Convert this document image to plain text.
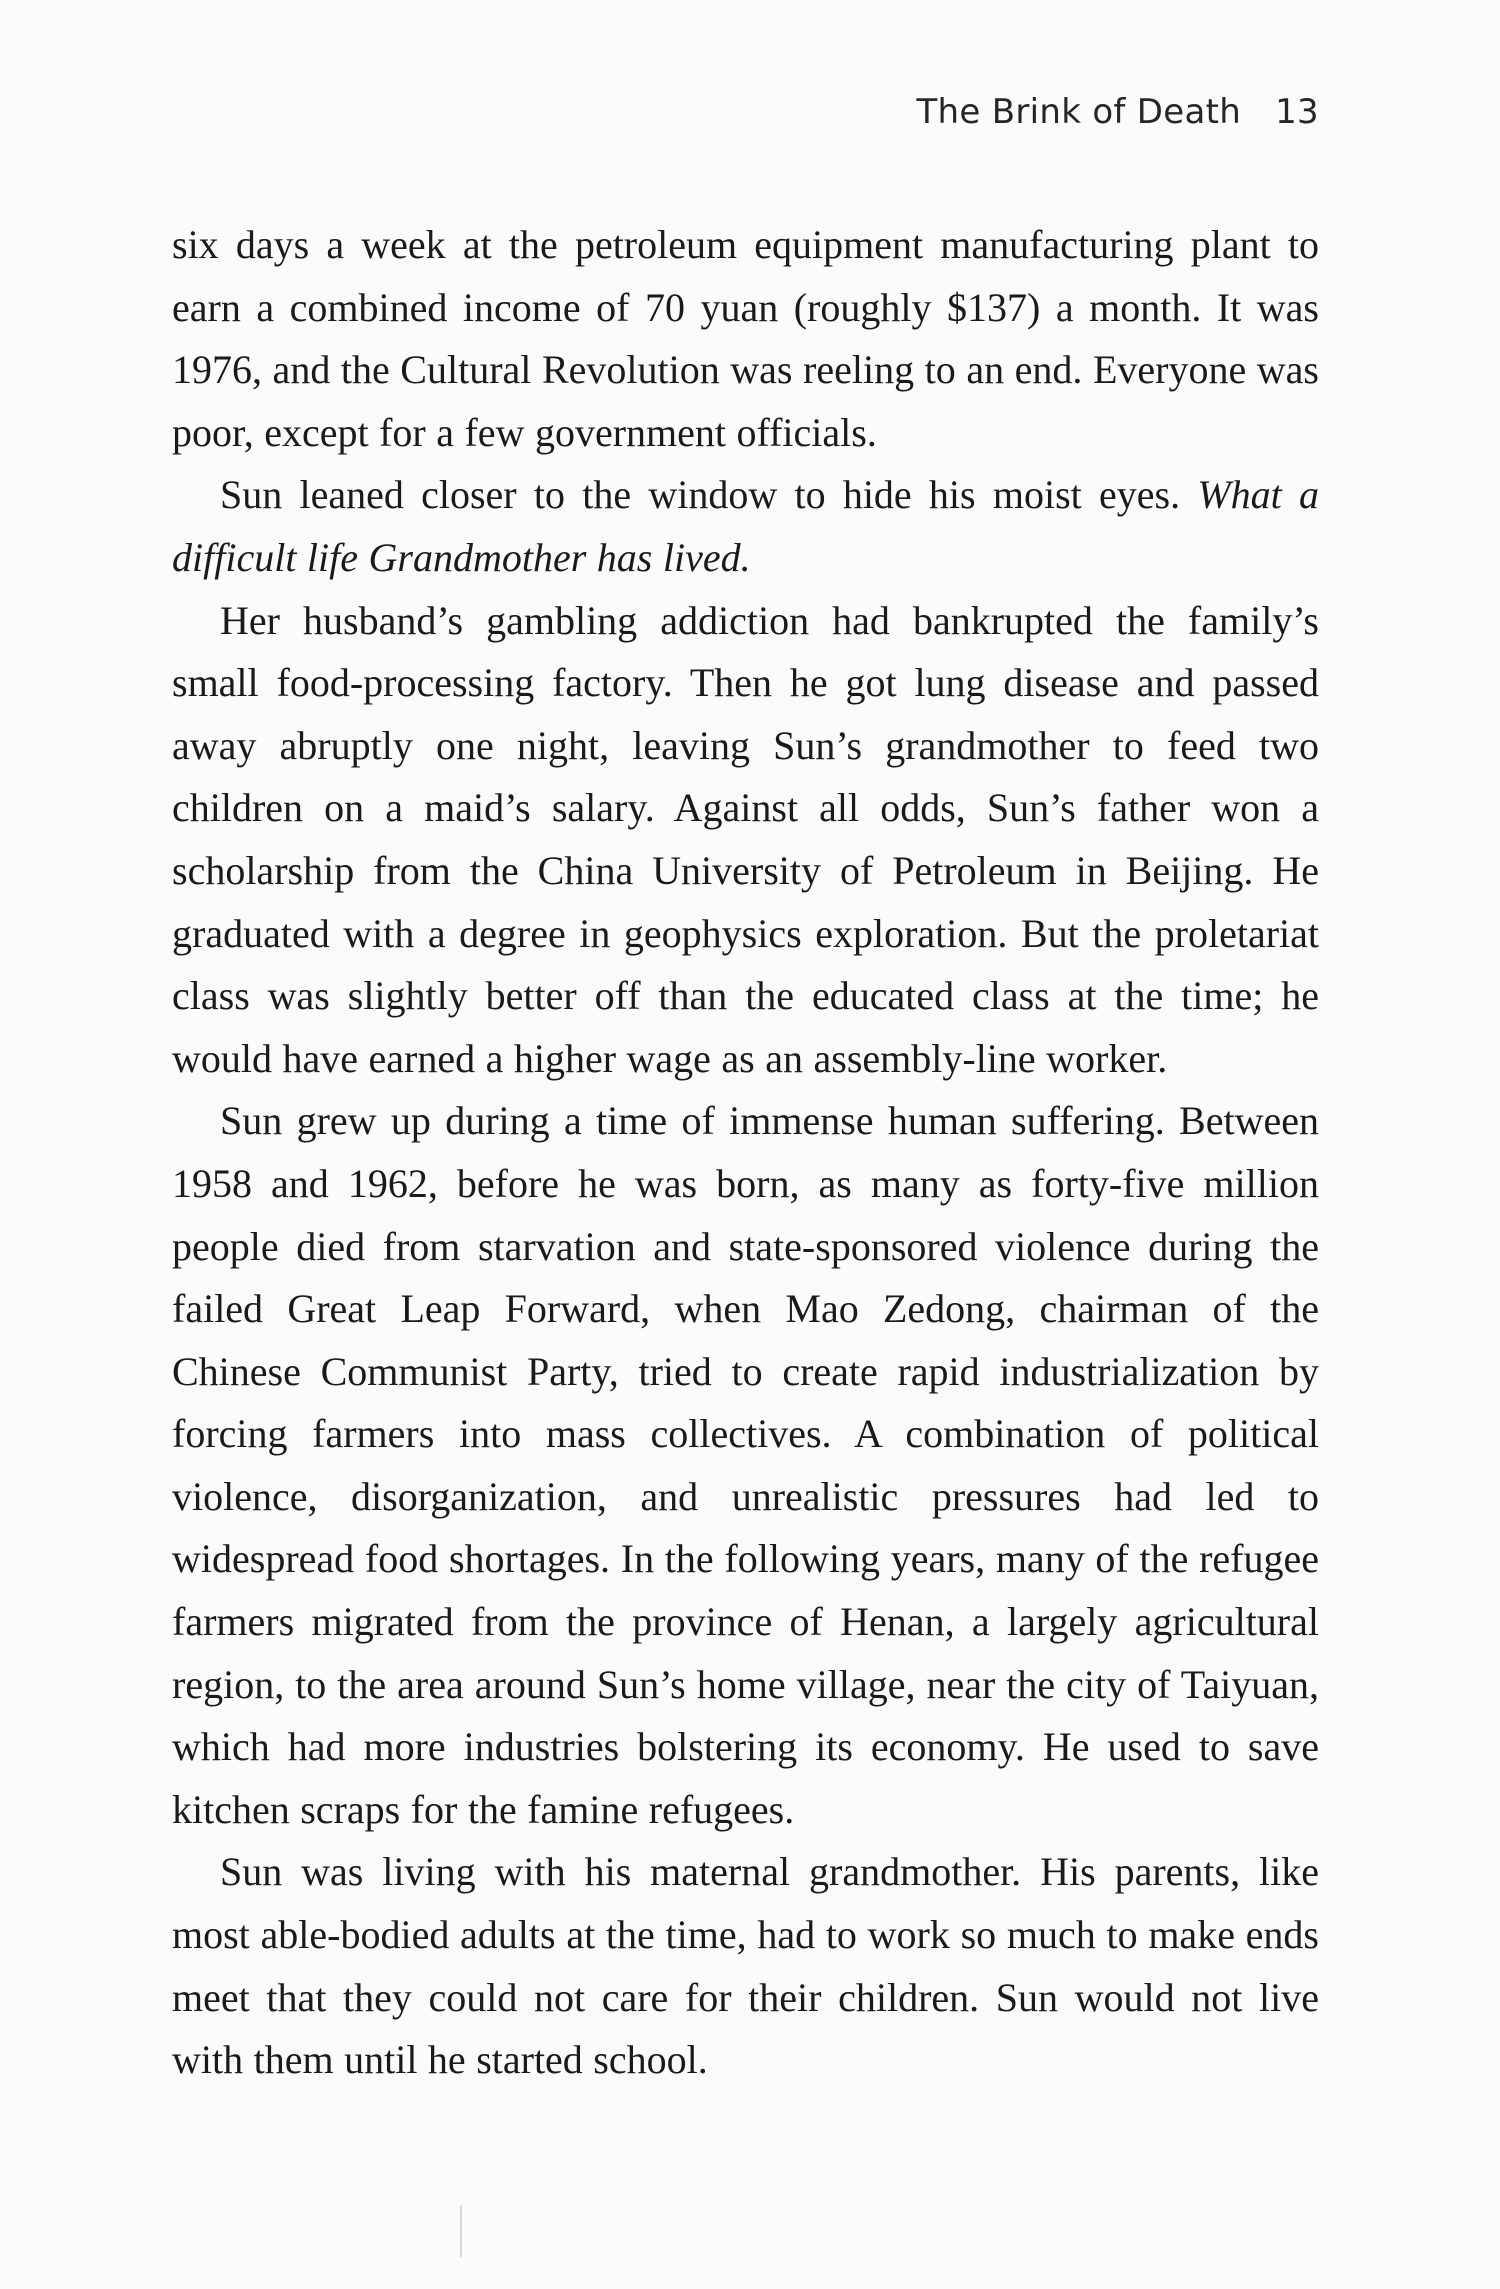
The Brink of Death 13

six days a week at the petroleum equipment manufacturing plant to earn a combined income of 70 yuan (roughly $137) a month. It was 1976, and the Cultural Revolution was reeling to an end. Everyone was poor, except for a few government officials.

Sun leaned closer to the window to hide his moist eyes. What a difficult life Grandmother has lived.

Her husband’s gambling addiction had bankrupted the family’s small food-processing factory. Then he got lung disease and passed away abruptly one night, leaving Sun’s grandmother to feed two children on a maid’s salary. Against all odds, Sun’s father won a scholarship from the China University of Petroleum in Beijing. He graduated with a degree in geophysics exploration. But the proletariat class was slightly better off than the educated class at the time; he would have earned a higher wage as an assembly-line worker.

Sun grew up during a time of immense human suffering. Between 1958 and 1962, before he was born, as many as forty-five million people died from starvation and state-sponsored violence during the failed Great Leap Forward, when Mao Zedong, chairman of the Chinese Communist Party, tried to create rapid industrialization by forcing farmers into mass collectives. A combination of political violence, disorganization, and unrealistic pressures had led to widespread food shortages. In the following years, many of the refugee farmers migrated from the province of Henan, a largely agricultural region, to the area around Sun’s home village, near the city of Taiyuan, which had more industries bolstering its economy. He used to save kitchen scraps for the famine refugees.

Sun was living with his maternal grandmother. His parents, like most able-bodied adults at the time, had to work so much to make ends meet that they could not care for their children. Sun would not live with them until he started school.
